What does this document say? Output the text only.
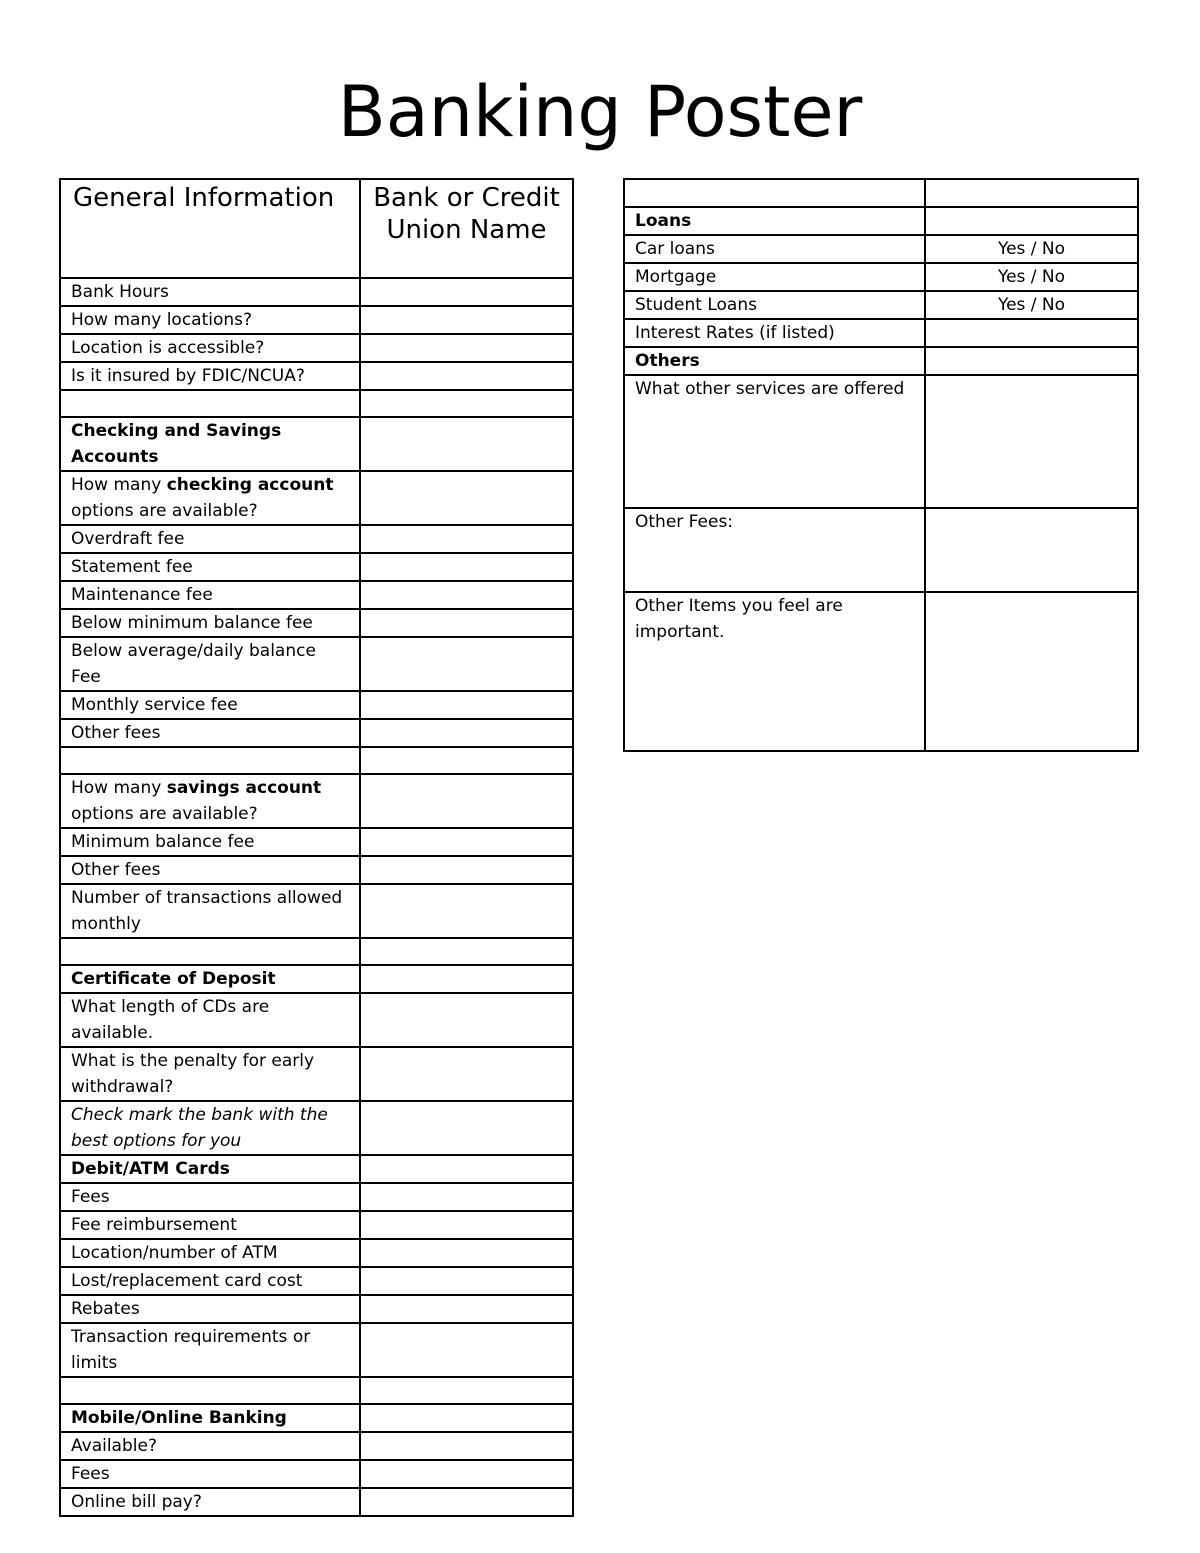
Banking Poster
General Information	Bank or Credit Union Name
Bank Hours	
How many locations?	
Location is accessible?	
Is it insured by FDIC/NCUA?	

Checking and Savings Accounts	
How many checking account options are available?	
Overdraft fee	
Statement fee	
Maintenance fee	
Below minimum balance fee	
Below average/daily balance Fee	
Monthly service fee	
Other fees	

How many savings account options are available?	
Minimum balance fee	
Other fees	
Number of transactions allowed monthly	

Certificate of Deposit	
What length of CDs are available.	
What is the penalty for early withdrawal?	
Check mark the bank with the best options for you	
Debit/ATM Cards	
Fees	
Fee reimbursement	
Location/number of ATM	
Lost/replacement card cost	
Rebates	
Transaction requirements or limits	

Mobile/Online Banking	
Available?	
Fees	
Online bill pay?	

Loans	
Car loans	Yes / No
Mortgage	Yes / No
Student Loans	Yes / No
Interest Rates (if listed)	
Others	
What other services are offered	
Other Fees:	
Other Items you feel are important.	
